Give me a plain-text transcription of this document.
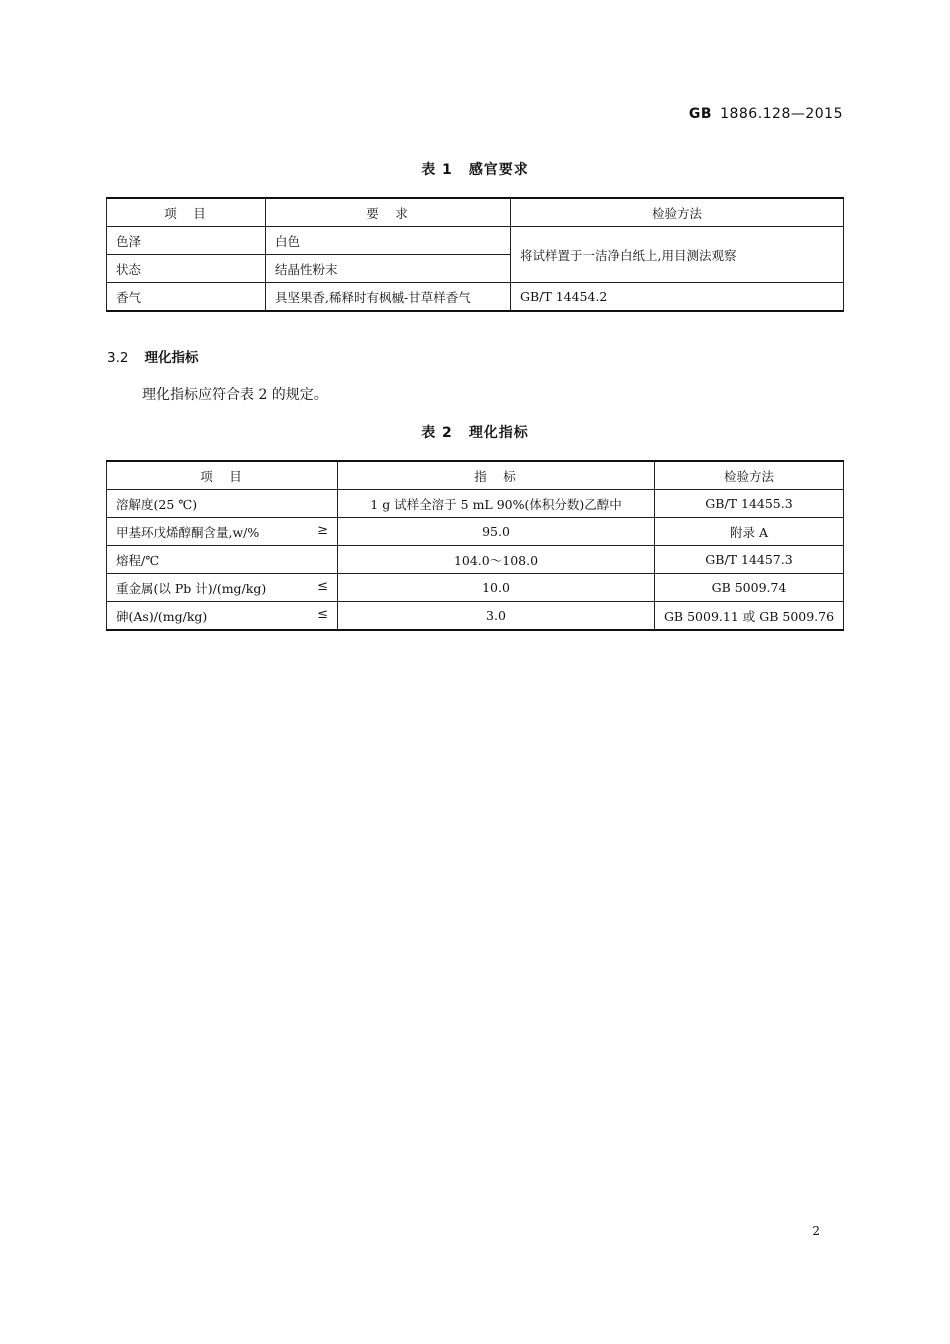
GB 1886.128—2015
表 1 感官要求
项　目	要　求	检验方法
色泽	白色	将试样置于一洁净白纸上,用目测法观察
状态	结晶性粉末	
香气	具坚果香,稀释时有枫槭-甘草样香气	GB/T 14454.2
3.2 理化指标
理化指标应符合表 2 的规定。
表 2 理化指标
项　目	指　标	检验方法
溶解度(25 ℃)	1 g 试样全溶于 5 mL 90%(体积分数)乙醇中	GB/T 14455.3
甲基环戊烯醇酮含量,w/% ≥	95.0	附录 A
熔程/℃	104.0～108.0	GB/T 14457.3
重金属(以 Pb 计)/(mg/kg) ≤	10.0	GB 5009.74
砷(As)/(mg/kg) ≤	3.0	GB 5009.11 或 GB 5009.76
2
